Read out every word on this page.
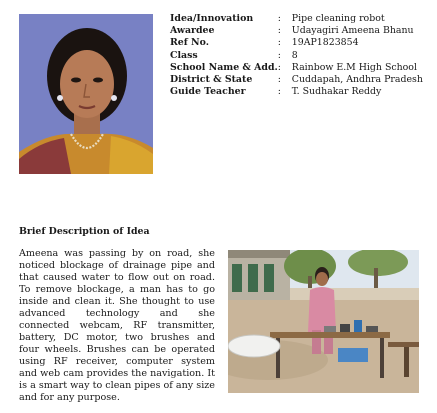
Idea/Innovation	:	Pipe cleaning robot
Awardee	:	Udayagiri Ameena Bhanu
Ref No.	:	19AP1823854
Class	:	8
School Name & Add.	:	Rainbow E.M High School
District & State	:	Cuddapah, Andhra Pradesh
Guide Teacher	:	T. Sudhakar Reddy
Brief Description of Idea
Ameena was passing by on road, she noticed blockage of drainage pipe and that caused water to flow out on road. To remove blockage, a man has to go inside and clean it. She thought to use advanced technology and she connected webcam, RF transmitter, battery, DC motor, two brushes and four wheels. Brushes can be operated using RF receiver, computer system and web cam provides the navigation. It is a smart way to clean pipes of any size and for any purpose.
